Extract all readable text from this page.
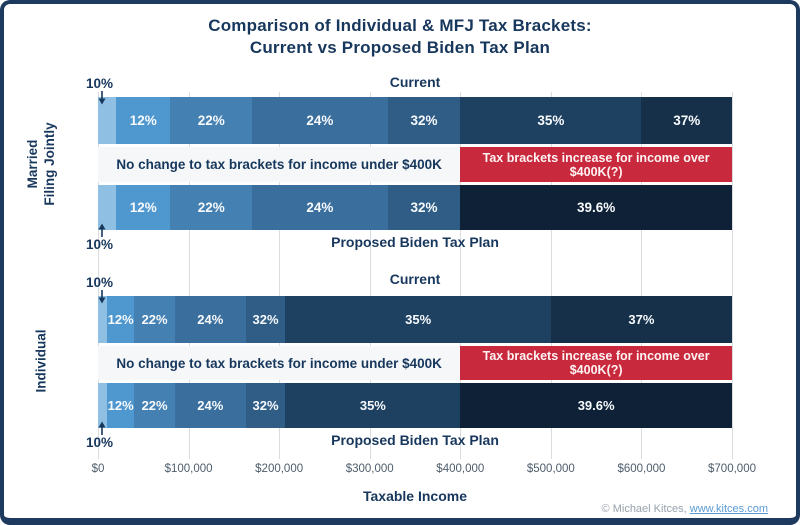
Comparison of Individual & MFJ Tax Brackets:
Current vs Proposed Biden Tax Plan
$0	$100,000	$200,000	$300,000	$400,000	$500,000	$600,000	$700,000
Married
Filing Jointly
Current
12%	22%	24%	32%	35%	37%
10%
Proposed Biden Tax Plan
12%	22%	24%	32%	39.6%
10%
No change to tax brackets for income under $400K	Tax brackets increase for income over $400K(?)
Individual
Current
12% 22% 24% 32%	35%	37%
10%
Proposed Biden Tax Plan
12% 22% 24% 32%	35%	39.6%
10%
No change to tax brackets for income under $400K	Tax brackets increase for income over $400K(?)
Taxable Income
© Michael Kitces, www.kitces.com
